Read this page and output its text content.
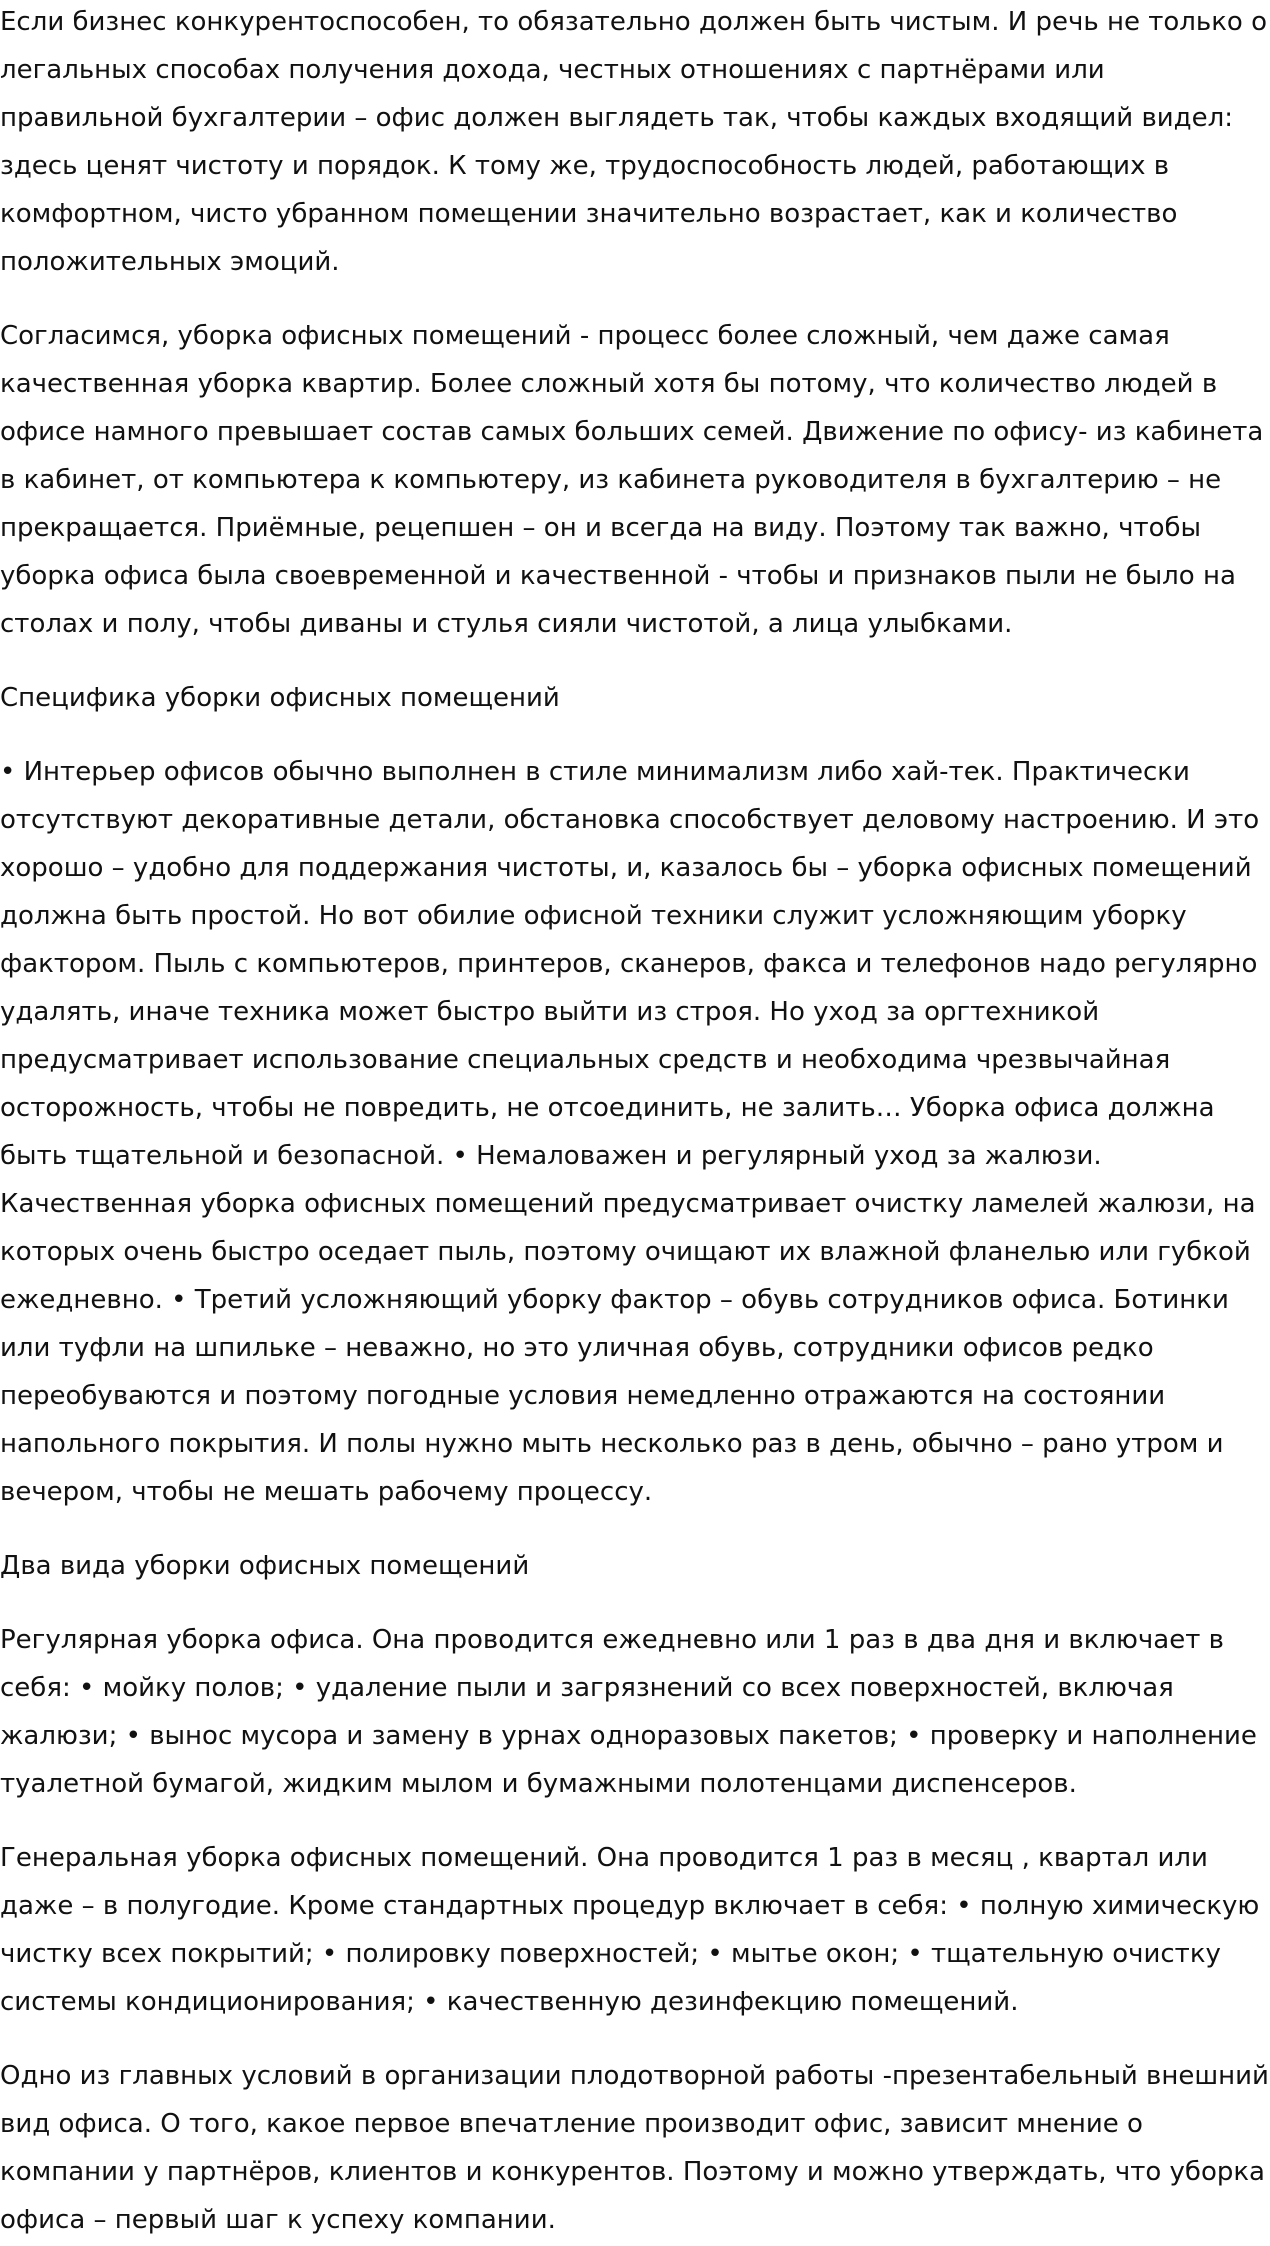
Если бизнес конкурентоспособен, то обязательно должен быть чистым. И речь не только о
легальных способах получения дохода, честных отношениях с партнёрами или
правильной бухгалтерии – офис должен выглядеть так, чтобы каждых входящий видел:
здесь ценят чистоту и порядок. К тому же, трудоспособность людей, работающих в
комфортном, чисто убранном помещении значительно возрастает, как и количество
положительных эмоций.

Согласимся, уборка офисных помещений - процесс более сложный, чем даже самая
качественная уборка квартир. Более сложный хотя бы потому, что количество людей в
офисе намного превышает состав самых больших семей. Движение по офису- из кабинета
в кабинет, от компьютера к компьютеру, из кабинета руководителя в бухгалтерию – не
прекращается. Приёмные, рецепшен – он и всегда на виду. Поэтому так важно, чтобы
уборка офиса была своевременной и качественной - чтобы и признаков пыли не было на
столах и полу, чтобы диваны и стулья сияли чистотой, а лица улыбками.

Специфика уборки офисных помещений

• Интерьер офисов обычно выполнен в стиле минимализм либо хай-тек. Практически
отсутствуют декоративные детали, обстановка способствует деловому настроению. И это
хорошо – удобно для поддержания чистоты, и, казалось бы – уборка офисных помещений
должна быть простой. Но вот обилие офисной техники служит усложняющим уборку
фактором. Пыль с компьютеров, принтеров, сканеров, факса и телефонов надо регулярно
удалять, иначе техника может быстро выйти из строя. Но уход за оргтехникой
предусматривает использование специальных средств и необходима чрезвычайная
осторожность, чтобы не повредить, не отсоединить, не залить… Уборка офиса должна
быть тщательной и безопасной. • Немаловажен и регулярный уход за жалюзи.
Качественная уборка офисных помещений предусматривает очистку ламелей жалюзи, на
которых очень быстро оседает пыль, поэтому очищают их влажной фланелью или губкой
ежедневно. • Третий усложняющий уборку фактор – обувь сотрудников офиса. Ботинки
или туфли на шпильке – неважно, но это уличная обувь, сотрудники офисов редко
переобуваются и поэтому погодные условия немедленно отражаются на состоянии
напольного покрытия. И полы нужно мыть несколько раз в день, обычно – рано утром и
вечером, чтобы не мешать рабочему процессу.

Два вида уборки офисных помещений

Регулярная уборка офиса. Она проводится ежедневно или 1 раз в два дня и включает в
себя: • мойку полов; • удаление пыли и загрязнений со всех поверхностей, включая
жалюзи; • вынос мусора и замену в урнах одноразовых пакетов; • проверку и наполнение
туалетной бумагой, жидким мылом и бумажными полотенцами диспенсеров.

Генеральная уборка офисных помещений. Она проводится 1 раз в месяц , квартал или
даже – в полугодие. Кроме стандартных процедур включает в себя: • полную химическую
чистку всех покрытий; • полировку поверхностей; • мытье окон; • тщательную очистку
системы кондиционирования; • качественную дезинфекцию помещений.

Одно из главных условий в организации плодотворной работы -презентабельный внешний
вид офиса. О того, какое первое впечатление производит офис, зависит мнение о
компании у партнёров, клиентов и конкурентов. Поэтому и можно утверждать, что уборка
офиса – первый шаг к успеху компании.
